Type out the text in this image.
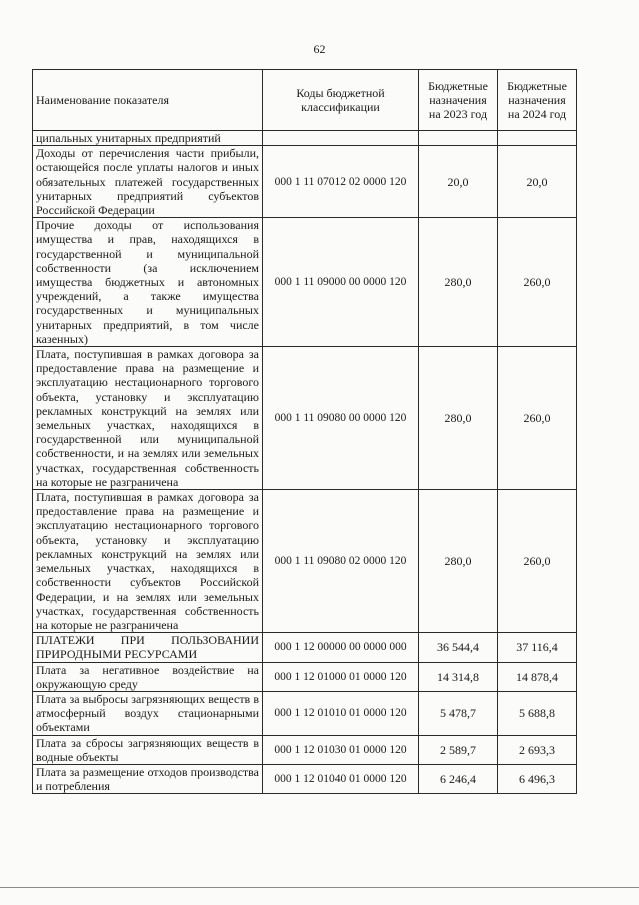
62
Наименование показателя	Коды бюджетной классификации	Бюджетные назначения на 2023 год	Бюджетные назначения на 2024 год
ципальных унитарных предприятий			
Доходы от перечисления части прибыли, остающейся после уплаты налогов и иных обязательных платежей государственных унитарных предприятий субъектов Российской Федерации	000 1 11 07012 02 0000 120	20,0	20,0
Прочие доходы от использования имущества и прав, находящихся в государственной и муниципальной собственности (за исключением имущества бюджетных и автономных учреждений, а также имущества государственных и муниципальных унитарных предприятий, в том числе казенных)	000 1 11 09000 00 0000 120	280,0	260,0
Плата, поступившая в рамках договора за предоставление права на размещение и эксплуатацию нестационарного торгового объекта, установку и эксплуатацию рекламных конструкций на землях или земельных участках, находящихся в государственной или муниципальной собственности, и на землях или земельных участках, государственная собственность на которые не разграничена	000 1 11 09080 00 0000 120	280,0	260,0
Плата, поступившая в рамках договора за предоставление права на размещение и эксплуатацию нестационарного торгового объекта, установку и эксплуатацию рекламных конструкций на землях или земельных участках, находящихся в собственности субъектов Российской Федерации, и на землях или земельных участках, государственная собственность на которые не разграничена	000 1 11 09080 02 0000 120	280,0	260,0
ПЛАТЕЖИ ПРИ ПОЛЬЗОВАНИИ ПРИРОДНЫМИ РЕСУРСАМИ	000 1 12 00000 00 0000 000	36 544,4	37 116,4
Плата за негативное воздействие на окружающую среду	000 1 12 01000 01 0000 120	14 314,8	14 878,4
Плата за выбросы загрязняющих веществ в атмосферный воздух стационарными объектами	000 1 12 01010 01 0000 120	5 478,7	5 688,8
Плата за сбросы загрязняющих веществ в водные объекты	000 1 12 01030 01 0000 120	2 589,7	2 693,3
Плата за размещение отходов производства и потребления	000 1 12 01040 01 0000 120	6 246,4	6 496,3
